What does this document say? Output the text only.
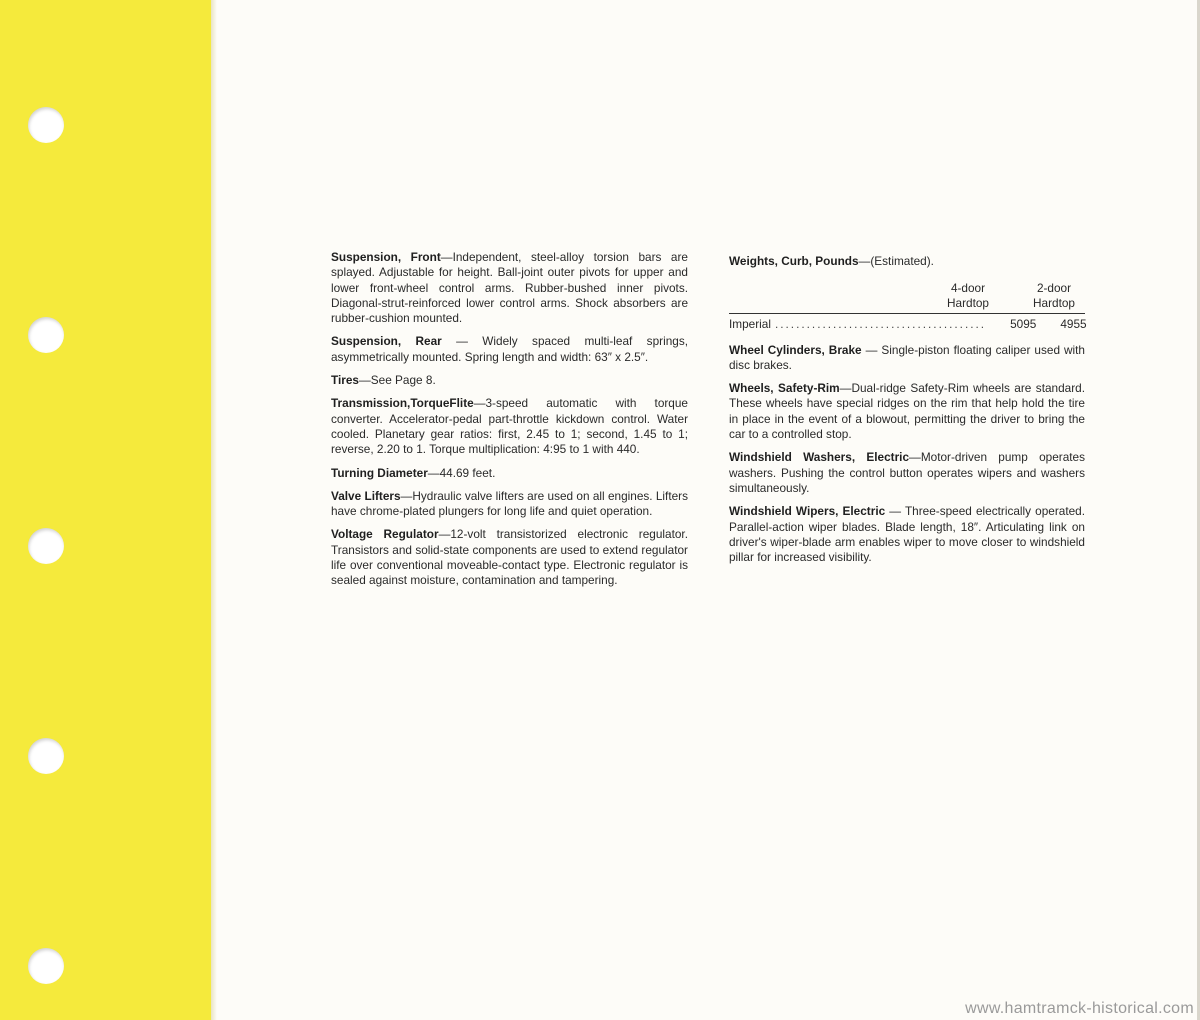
Suspension, Front—Independent, steel-alloy torsion bars are splayed. Adjustable for height. Ball-joint outer pivots for upper and lower front-wheel control arms. Rubber-bushed inner pivots. Diagonal-strut-reinforced lower control arms. Shock absorbers are rubber-cushion mounted.

Suspension, Rear — Widely spaced multi-leaf springs, asymmetrically mounted. Spring length and width: 63″ x 2.5″.

Tires—See Page 8.

Transmission,TorqueFlite—3-speed automatic with torque converter. Accelerator-pedal part-throttle kickdown control. Water cooled. Planetary gear ratios: first, 2.45 to 1; second, 1.45 to 1; reverse, 2.20 to 1. Torque multiplication: 4:95 to 1 with 440.

Turning Diameter—44.69 feet.

Valve Lifters—Hydraulic valve lifters are used on all engines. Lifters have chrome-plated plungers for long life and quiet operation.

Voltage Regulator—12-volt transistorized electronic regulator. Transistors and solid-state components are used to extend regulator life over conventional moveable-contact type. Electronic regulator is sealed against moisture, contamination and tampering.

Weights, Curb, Pounds—(Estimated).

4-door
Hardtop
2-door
Hardtop
Imperial ........................................ 5095 4955

Wheel Cylinders, Brake — Single-piston floating caliper used with disc brakes.

Wheels, Safety-Rim—Dual-ridge Safety-Rim wheels are standard. These wheels have special ridges on the rim that help hold the tire in place in the event of a blowout, permitting the driver to bring the car to a controlled stop.

Windshield Washers, Electric—Motor-driven pump operates washers. Pushing the control button operates wipers and washers simultaneously.

Windshield Wipers, Electric — Three-speed electrically operated. Parallel-action wiper blades. Blade length, 18″. Articulating link on driver's wiper-blade arm enables wiper to move closer to windshield pillar for increased visibility.

www.hamtramck-historical.com
